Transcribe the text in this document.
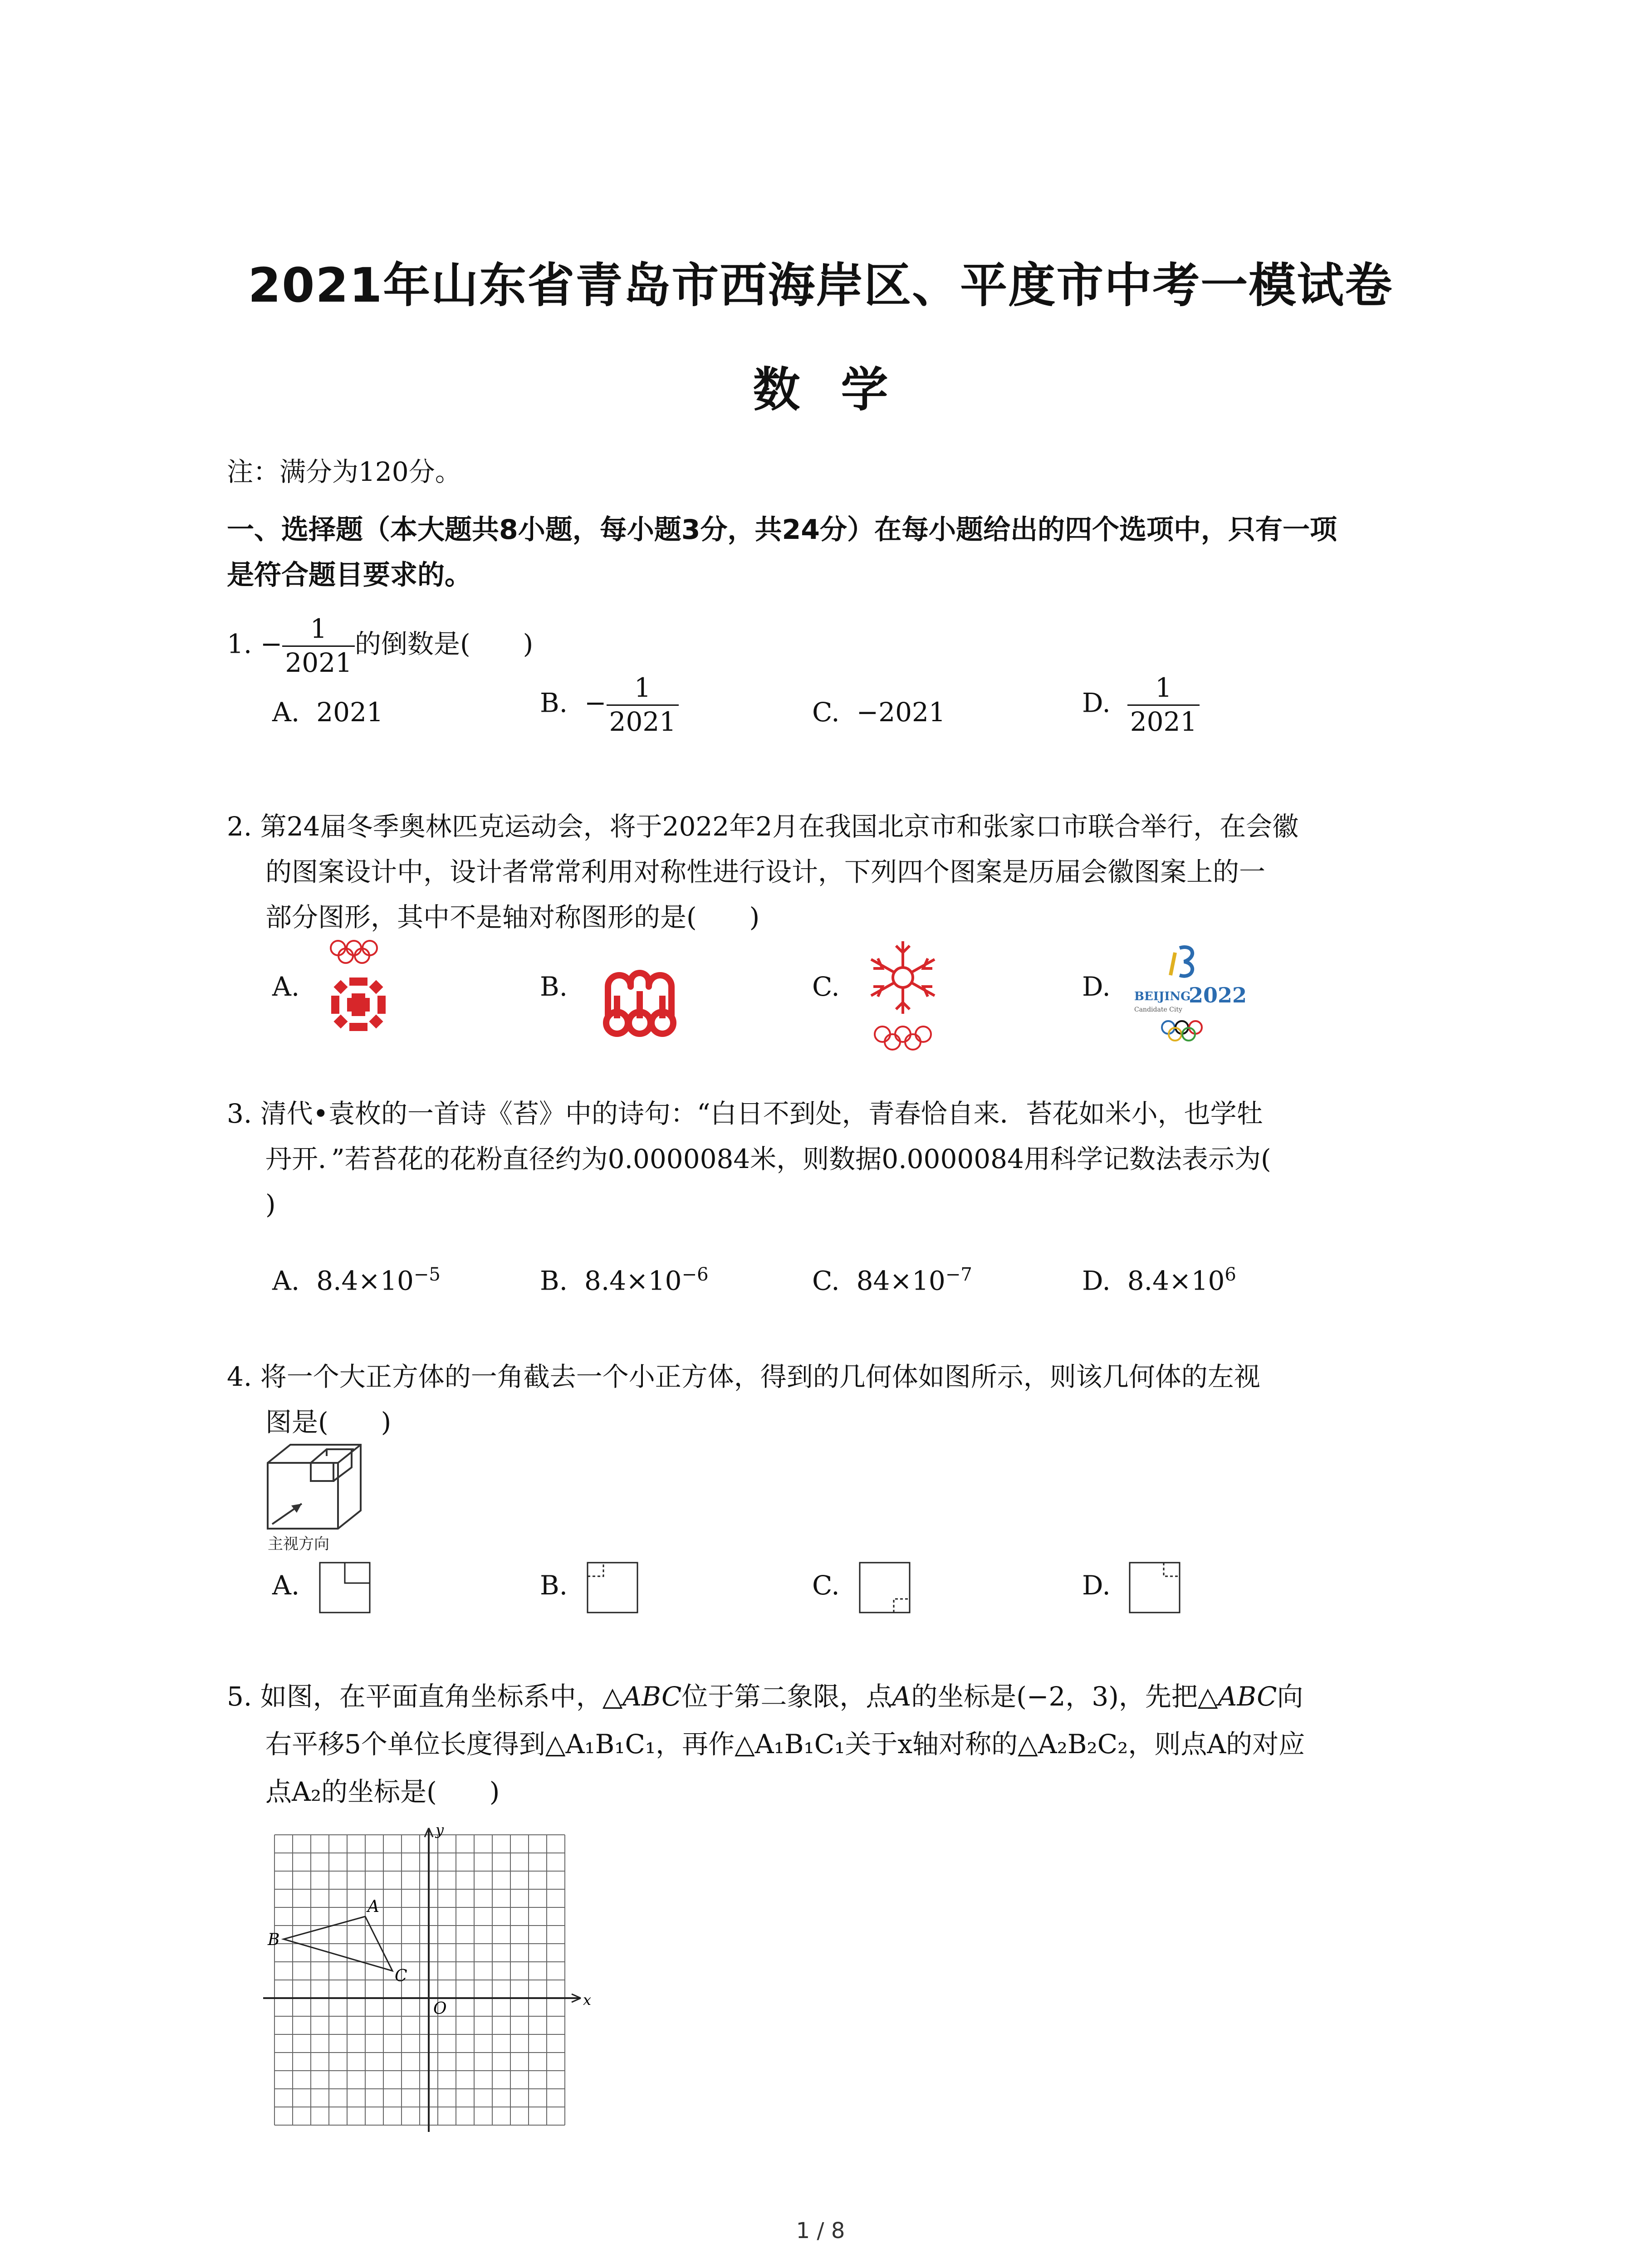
2021年山东省青岛市西海岸区、平度市中考一模试卷
数学
注：满分为120分。
一、选择题（本大题共8小题，每小题3分，共24分）在每小题给出的四个选项中，只有一项
是符合题目要求的。
1. − $\frac{1}{2021}$ 的倒数是(　　)
A. 2021	B. − $\frac{1}{2021}$	C. −2021	D. $\frac{1}{2021}$
2. 第24届冬季奥林匹克运动会，将于2022年2月在我国北京市和张家口市联合举行，在会徽
的图案设计中，设计者常常利用对称性进行设计，下列四个图案是历届会徽图案上的一
部分图形，其中不是轴对称图形的是(　　)
A.	B.	C.	D. BEIJING
2022
Candidate City
3. 清代•袁枚的一首诗《苔》中的诗句：“白日不到处，青春恰自来．苔花如米小，也学牡
丹开．”若苔花的花粉直径约为0.0000084米，则数据0.0000084用科学记数法表示为(
)
A. $8.4\times 10^{-5}$	B. $8.4\times 10^{-6}$	C. $84\times 10^{-7}$	D. $8.4\times 10^6$
4. 将一个大正方体的一角截去一个小正方体，得到的几何体如图所示，则该几何体的左视
图是(　　)
主视方向
A.	B.	C.	D.
5. 如图，在平面直角坐标系中，△ABC位于第二象限，点A的坐标是(−2，3)，先把△ABC向
右平移5个单位长度得到△A₁B₁C₁，再作△A₁B₁C₁关于x轴对称的△A₂B₂C₂，则点A的对应
点A₂的坐标是(　　)
y
x
O
A
B
C
1 / 8
